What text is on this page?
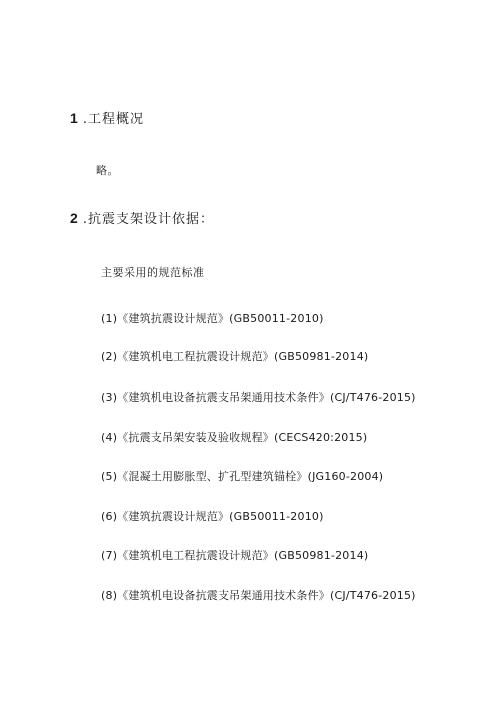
1 .工程概况
略。
2 .抗震支架设计依据：
主要采用的规范标准
(1)《建筑抗震设计规范》(GB50011-2010)
(2)《建筑机电工程抗震设计规范》(GB50981-2014)
(3)《建筑机电设备抗震支吊架通用技术条件》(CJ/T476-2015)
(4)《抗震支吊架安装及验收规程》(CECS420:2015)
(5)《混凝土用膨胀型、扩孔型建筑锚栓》(JG160-2004)
(6)《建筑抗震设计规范》(GB50011-2010)
(7)《建筑机电工程抗震设计规范》(GB50981-2014)
(8)《建筑机电设备抗震支吊架通用技术条件》(CJ/T476-2015)
